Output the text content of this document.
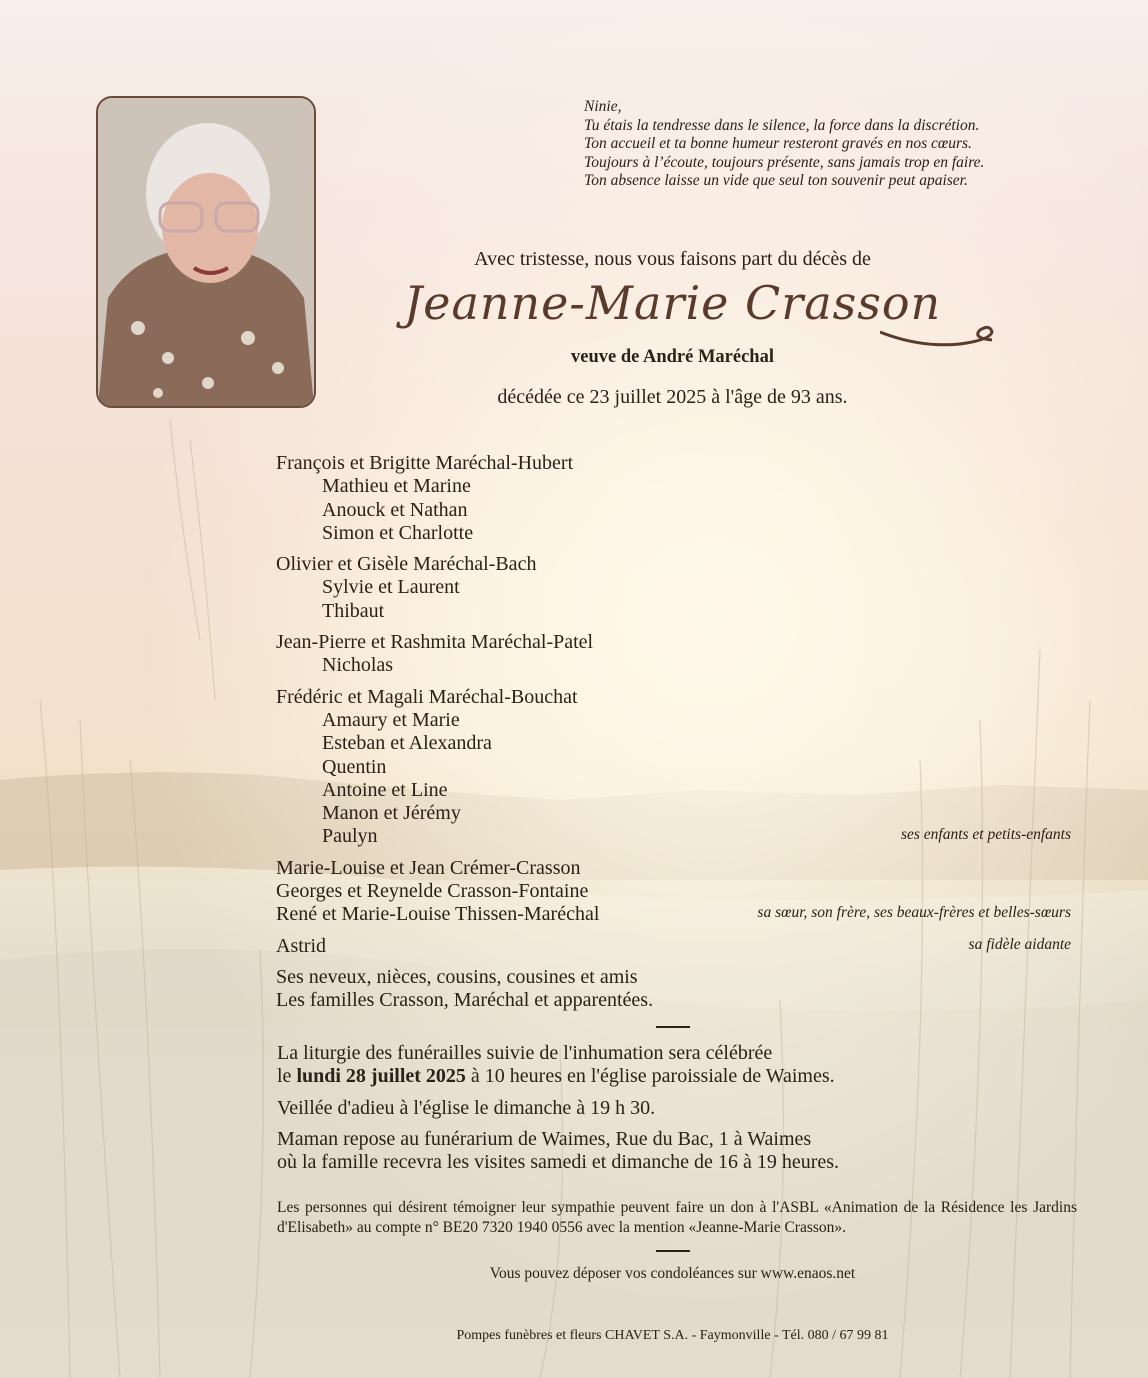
Ninie,
Tu étais la tendresse dans le silence, la force dans la discrétion.
Ton accueil et ta bonne humeur resteront gravés en nos cœurs.
Toujours à l’écoute, toujours présente, sans jamais trop en faire.
Ton absence laisse un vide que seul ton souvenir peut apaiser.
Avec tristesse, nous vous faisons part du décès de
Jeanne-Marie Crasson
veuve de André Maréchal
décédée ce 23 juillet 2025 à l'âge de 93 ans.
François et Brigitte Maréchal-Hubert
Mathieu et Marine
Anouck et Nathan
Simon et Charlotte
Olivier et Gisèle Maréchal-Bach
Sylvie et Laurent
Thibaut
Jean-Pierre et Rashmita Maréchal-Patel
Nicholas
Frédéric et Magali Maréchal-Bouchat
Amaury et Marie
Esteban et Alexandra
Quentin
Antoine et Line
Manon et Jérémy
Paulyn	ses enfants et petits-enfants
Marie-Louise et Jean Crémer-Crasson
Georges et Reynelde Crasson-Fontaine
René et Marie-Louise Thissen-Maréchal	sa sœur, son frère, ses beaux-frères et belles-sœurs
Astrid	sa fidèle aidante
Ses neveux, nièces, cousins, cousines et amis
Les familles Crasson, Maréchal et apparentées.

La liturgie des funérailles suivie de l'inhumation sera célébrée
le lundi 28 juillet 2025 à 10 heures en l'église paroissiale de Waimes.

Veillée d'adieu à l'église le dimanche à 19 h 30.

Maman repose au funérarium de Waimes, Rue du Bac, 1 à Waimes
où la famille recevra les visites samedi et dimanche de 16 à 19 heures.

Les personnes qui désirent témoigner leur sympathie peuvent faire un don à l'ASBL «Animation de la Résidence les Jardins d'Elisabeth» au compte n° BE20 7320 1940 0556 avec la mention «Jeanne-Marie Crasson».
Vous pouvez déposer vos condoléances sur www.enaos.net
Pompes funèbres et fleurs CHAVET S.A. - Faymonville - Tél. 080 / 67 99 81
